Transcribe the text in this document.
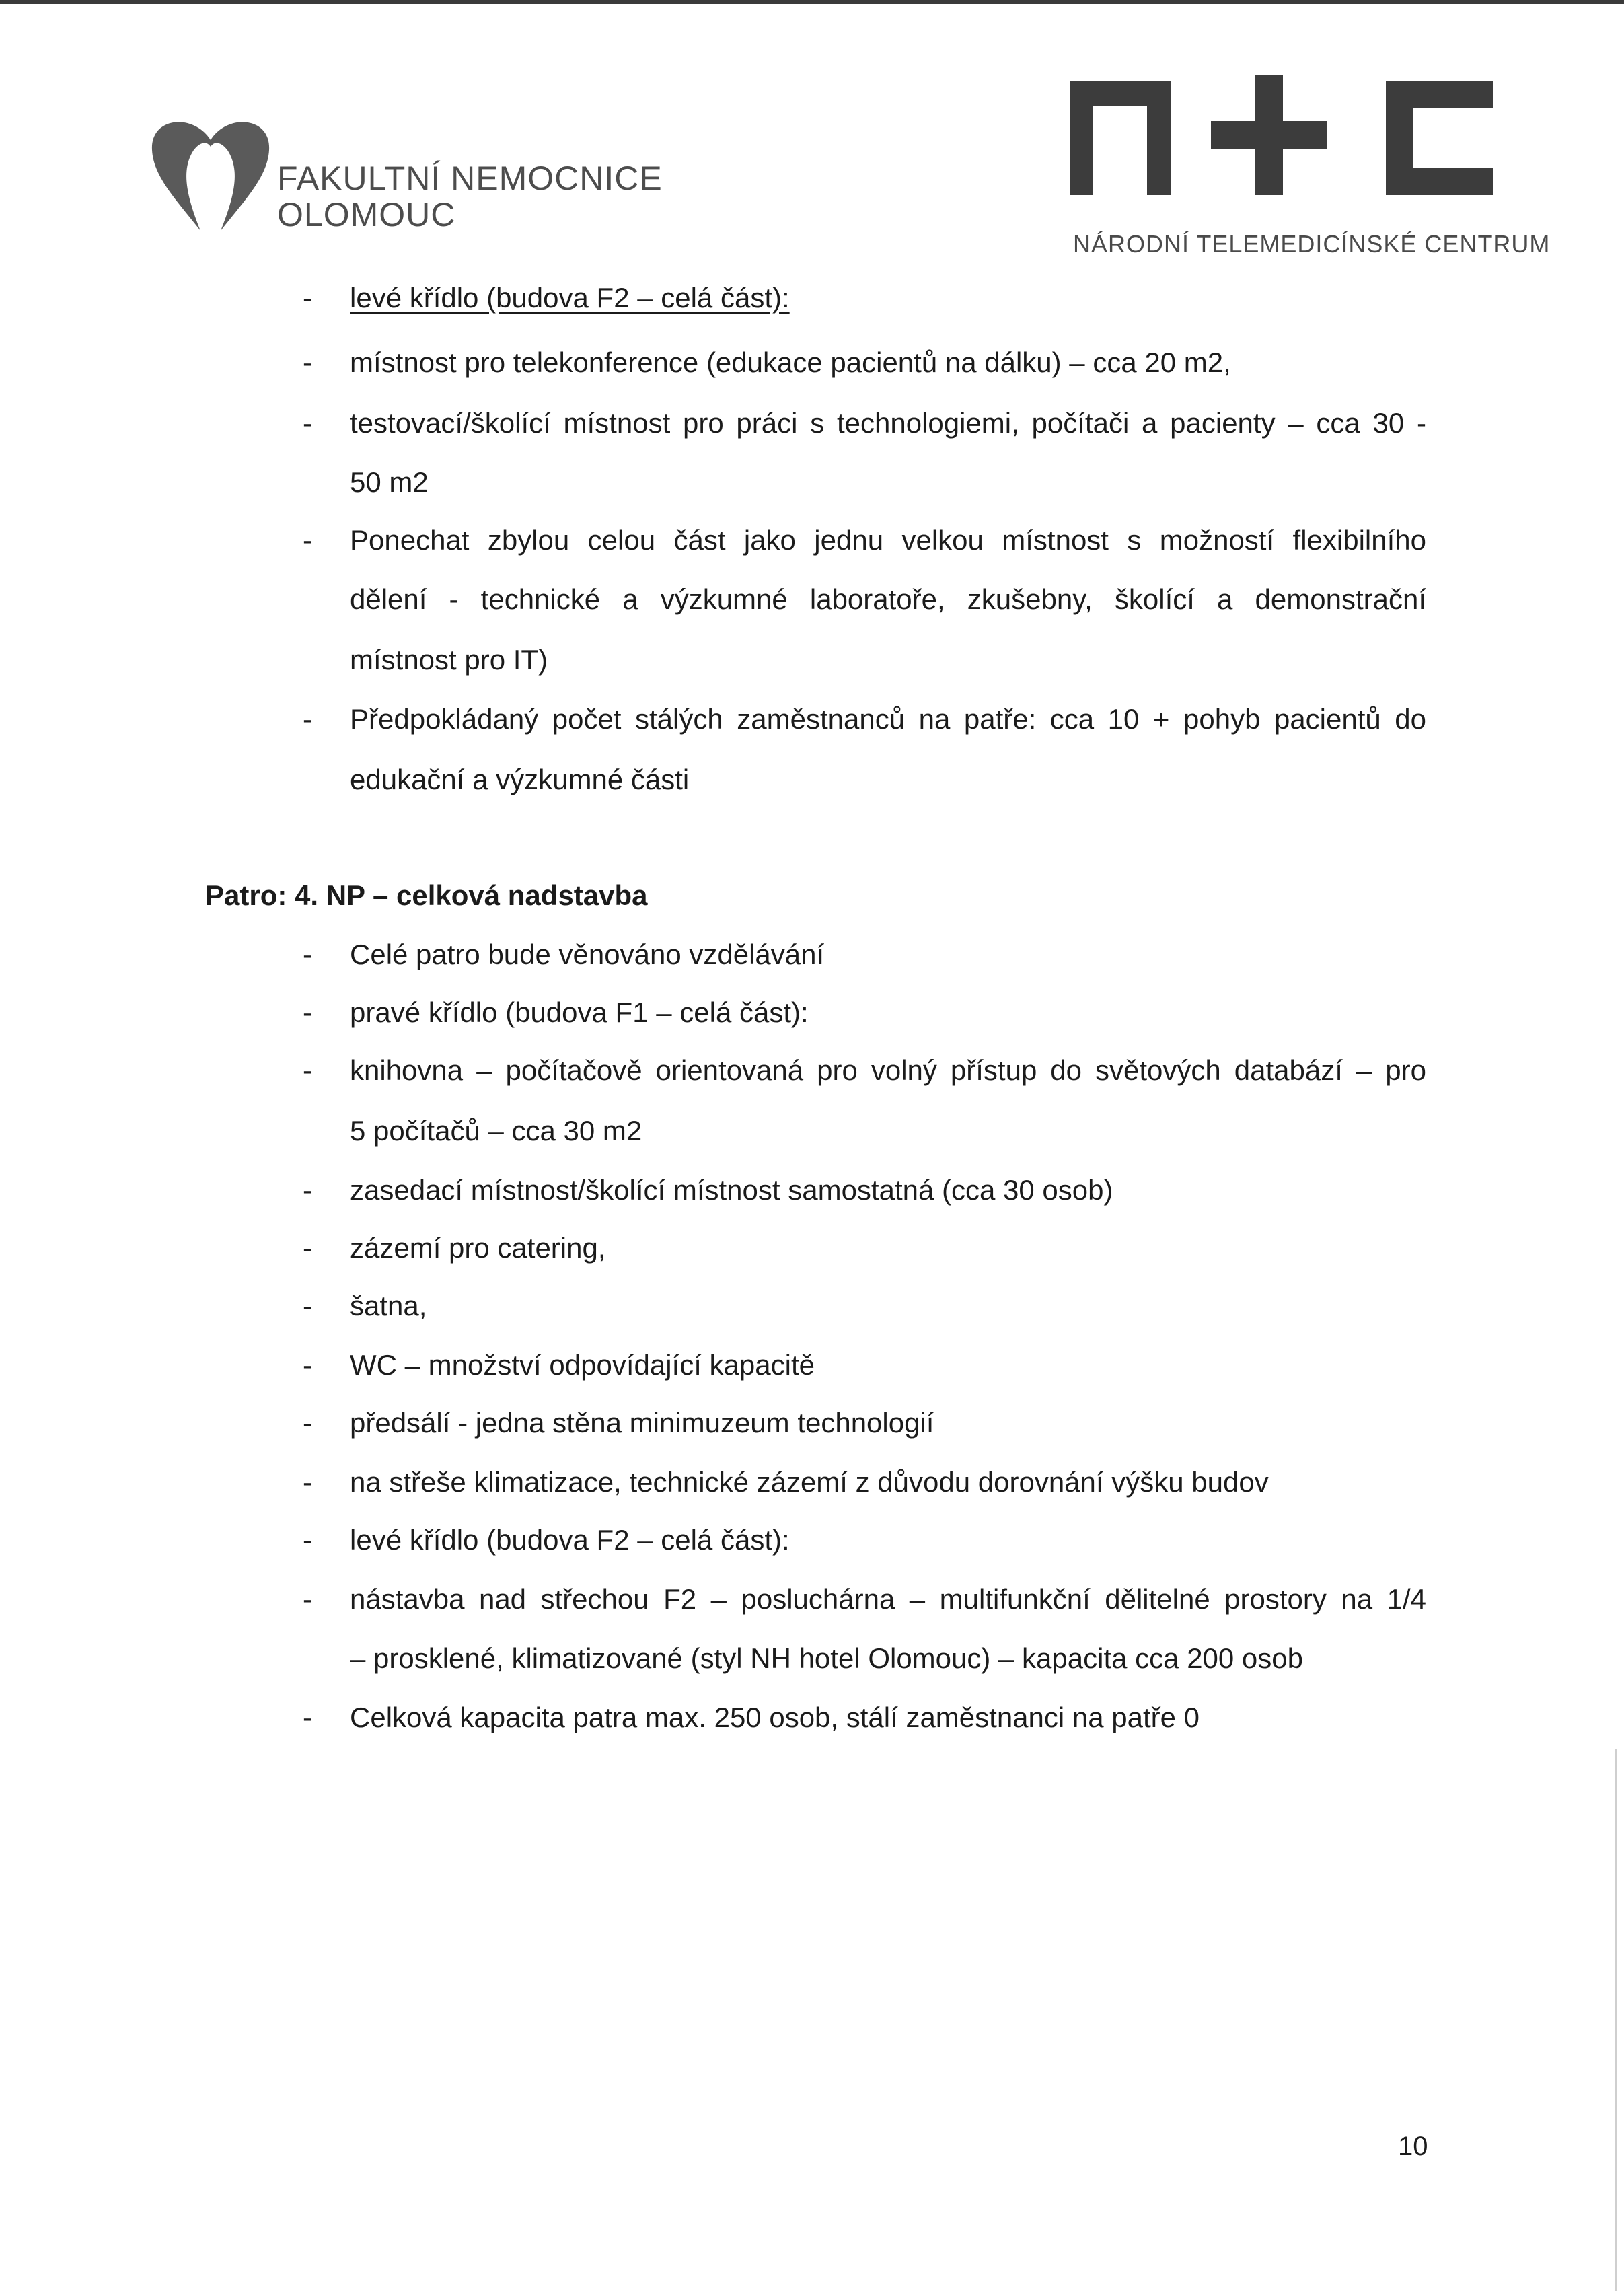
FAKULTNÍ NEMOCNICE
OLOMOUC
NÁRODNÍ TELEMEDICÍNSKÉ CENTRUM
- levé křídlo (budova F2 – celá část):
- místnost pro telekonference (edukace pacientů na dálku) – cca 20 m2,
- testovací/školící místnost pro práci s technologiemi, počítači a pacienty – cca 30 -
50 m2
- Ponechat zbylou celou část jako jednu velkou místnost s možností flexibilního
dělení - technické a výzkumné laboratoře, zkušebny, školící a demonstrační
místnost pro IT)
- Předpokládaný počet stálých zaměstnanců na patře: cca 10 + pohyb pacientů do
edukační a výzkumné části
Patro: 4. NP – celková nadstavba
- Celé patro bude věnováno vzdělávání
- pravé křídlo (budova F1 – celá část):
- knihovna – počítačově orientovaná pro volný přístup do světových databází – pro
5 počítačů – cca 30 m2
- zasedací místnost/školící místnost samostatná (cca 30 osob)
- zázemí pro catering,
- šatna,
- WC – množství odpovídající kapacitě
- předsálí - jedna stěna minimuzeum technologií
- na střeše klimatizace, technické zázemí z důvodu dorovnání výšku budov
- levé křídlo (budova F2 – celá část):
- nástavba nad střechou F2 – posluchárna – multifunkční dělitelné prostory na 1/4
– prosklené, klimatizované (styl NH hotel Olomouc) – kapacita cca 200 osob
- Celková kapacita patra max. 250 osob, stálí zaměstnanci na patře 0
10
